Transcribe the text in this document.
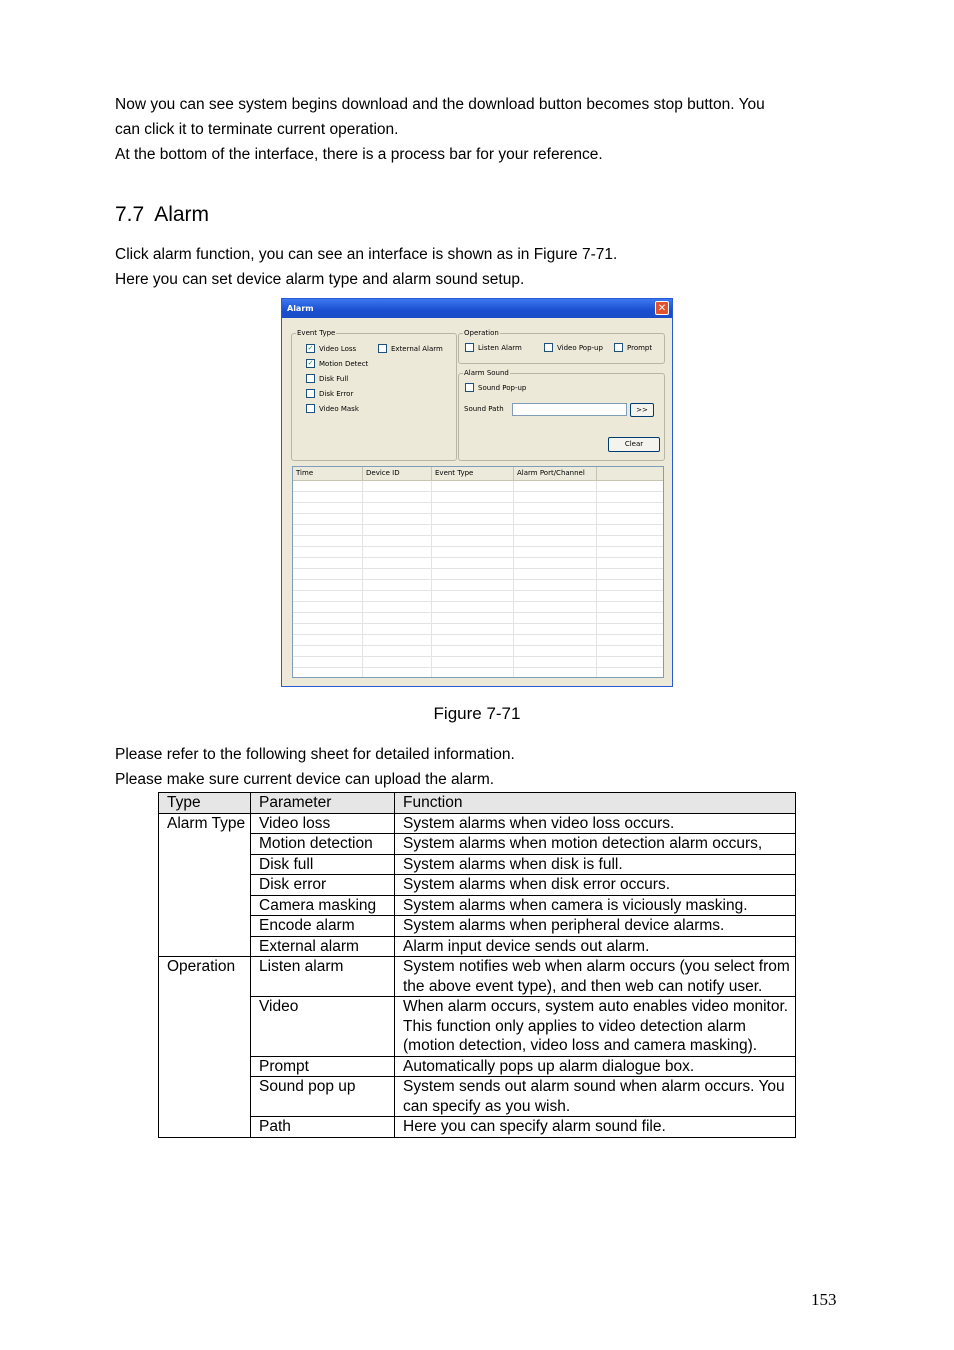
Now you can see system begins download and the download button becomes stop button. You

can click it to terminate current operation.

At the bottom of the interface, there is a process bar for your reference.

7.7 Alarm

Click alarm function, you can see an interface is shown as in Figure 7-71.

Here you can set device alarm type and alarm sound setup.

Alarm	✕
Event Type
✓ Video Loss	External Alarm
✓ Motion Detect
Disk Full
Disk Error
Video Mask
Operation
Listen Alarm	Video Pop-up	Prompt
Alarm Sound
Sound Pop-up
Sound Path	>>
Clear
Time	Device ID	Event Type	Alarm Port/Channel

Figure 7-71

Please refer to the following sheet for detailed information.

Please make sure current device can upload the alarm.

Type	Parameter	Function
Alarm Type	Video loss	System alarms when video loss occurs.
	Motion detection	System alarms when motion detection alarm occurs,
	Disk full	System alarms when disk is full.
	Disk error	System alarms when disk error occurs.
	Camera masking	System alarms when camera is viciously masking.
	Encode alarm	System alarms when peripheral device alarms.
	External alarm	Alarm input device sends out alarm.
Operation	Listen alarm	System notifies web when alarm occurs (you select from the above event type), and then web can notify user.
	Video	When alarm occurs, system auto enables video monitor. This function only applies to video detection alarm (motion detection, video loss and camera masking).
	Prompt	Automatically pops up alarm dialogue box.
	Sound pop up	System sends out alarm sound when alarm occurs. You can specify as you wish.
	Path	Here you can specify alarm sound file.
153
